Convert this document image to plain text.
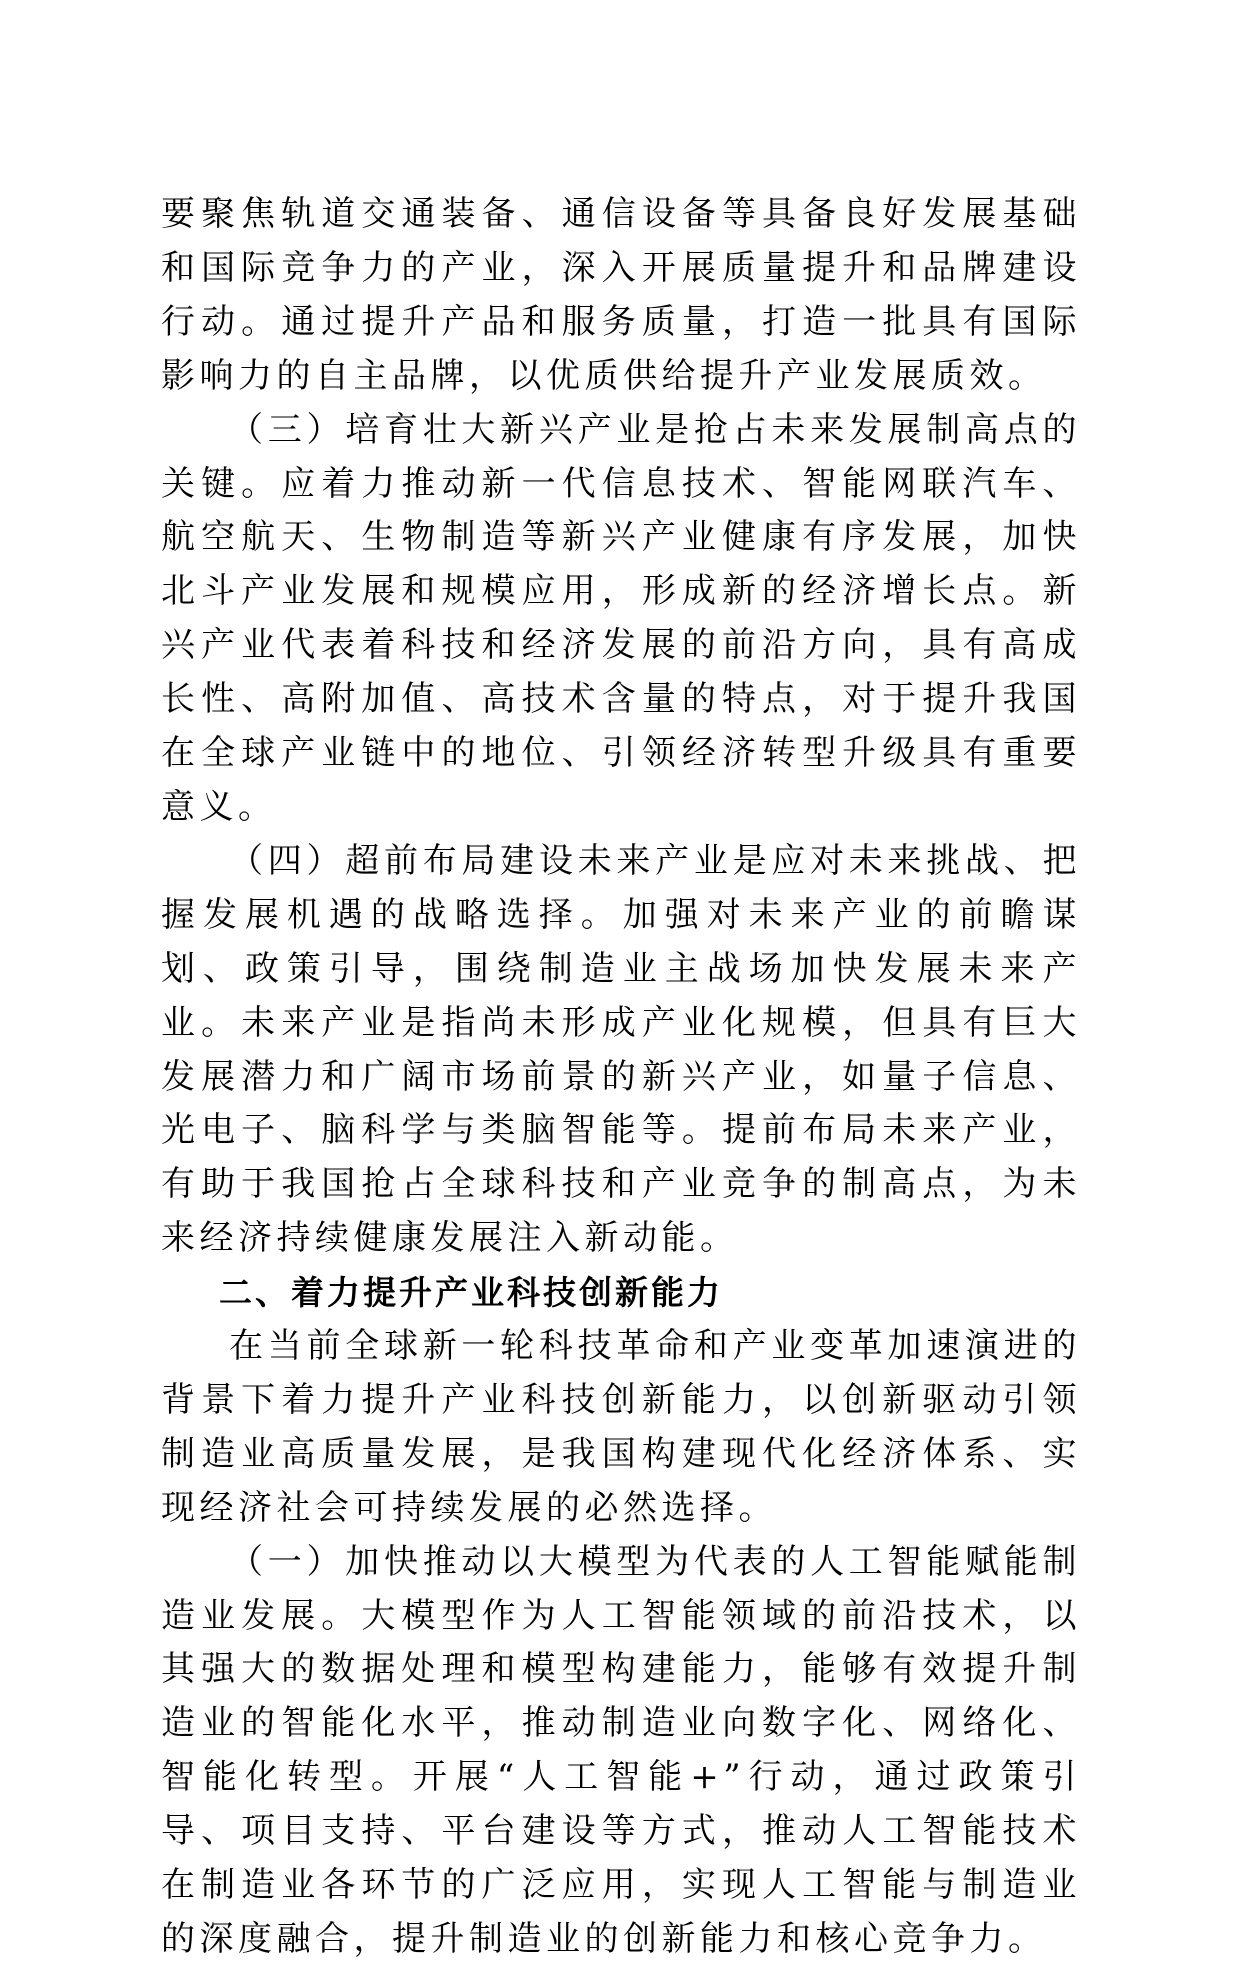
要聚焦轨道交通装备、通信设备等具备良好发展基础和国际竞争力的产业，深入开展质量提升和品牌建设行动。通过提升产品和服务质量，打造一批具有国际影响力的自主品牌，以优质供给提升产业发展质效。

（三）培育壮大新兴产业是抢占未来发展制高点的关键。应着力推动新一代信息技术、智能网联汽车、航空航天、生物制造等新兴产业健康有序发展，加快北斗产业发展和规模应用，形成新的经济增长点。新兴产业代表着科技和经济发展的前沿方向，具有高成长性、高附加值、高技术含量的特点，对于提升我国在全球产业链中的地位、引领经济转型升级具有重要意义。

（四）超前布局建设未来产业是应对未来挑战、把握发展机遇的战略选择。加强对未来产业的前瞻谋划、政策引导，围绕制造业主战场加快发展未来产业。未来产业是指尚未形成产业化规模，但具有巨大发展潜力和广阔市场前景的新兴产业，如量子信息、光电子、脑科学与类脑智能等。提前布局未来产业，有助于我国抢占全球科技和产业竞争的制高点，为未来经济持续健康发展注入新动能。

二、着力提升产业科技创新能力

在当前全球新一轮科技革命和产业变革加速演进的背景下着力提升产业科技创新能力，以创新驱动引领制造业高质量发展，是我国构建现代化经济体系、实现经济社会可持续发展的必然选择。

（一）加快推动以大模型为代表的人工智能赋能制造业发展。大模型作为人工智能领域的前沿技术，以其强大的数据处理和模型构建能力，能够有效提升制造业的智能化水平，推动制造业向数字化、网络化、智能化转型。开展“人工智能+”行动，通过政策引导、项目支持、平台建设等方式，推动人工智能技术在制造业各环节的广泛应用，实现人工智能与制造业的深度融合，提升制造业的创新能力和核心竞争力。
